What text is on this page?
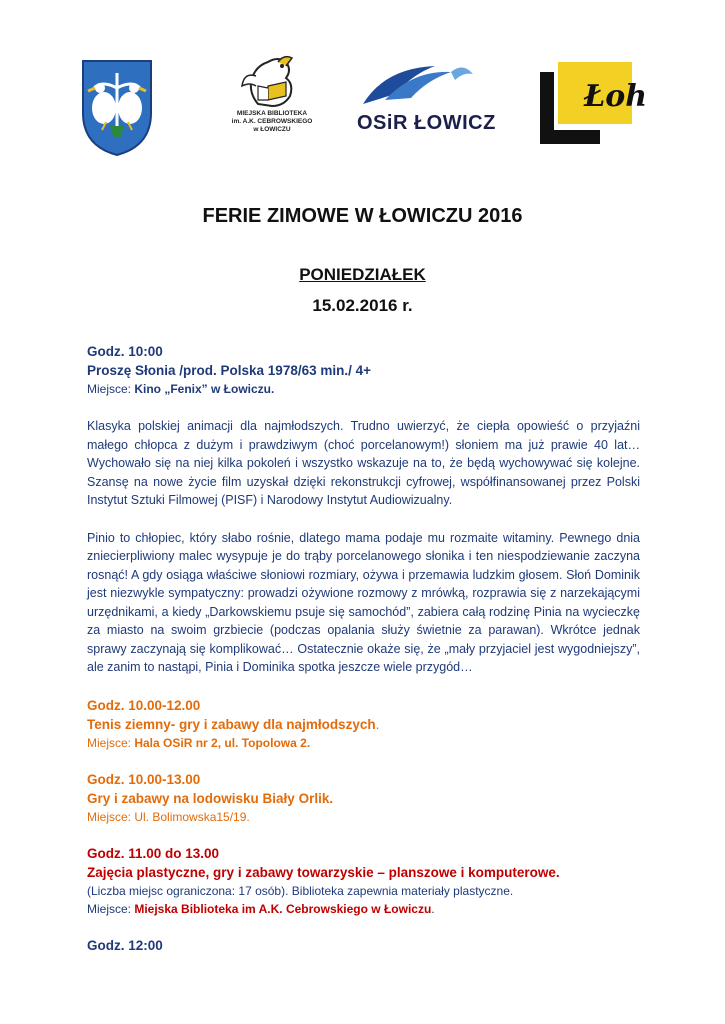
MIEJSKA BIBLIOTEKA
im. A.K. CEBROWSKIEGO
w ŁOWICZU	OSiR ŁOWICZ
Łoh
FERIE ZIMOWE W ŁOWICZU 2016
PONIEDZIAŁEK
15.02.2016 r.
Godz. 10:00
Proszę Słonia /prod. Polska 1978/63 min./ 4+
Miejsce: Kino „Fenix” w Łowiczu.

Klasyka polskiej animacji dla najmłodszych. Trudno uwierzyć, że ciepła opowieść o przyjaźni małego chłopca z dużym i prawdziwym (choć porcelanowym!) słoniem ma już prawie 40 lat… Wychowało się na niej kilka pokoleń i wszystko wskazuje na to, że będą wychowywać się kolejne. Szansę na nowe życie film uzyskał dzięki rekonstrukcji cyfrowej, współfinansowanej przez Polski Instytut Sztuki Filmowej (PISF) i Narodowy Instytut Audiowizualny.

Pinio to chłopiec, który słabo rośnie, dlatego mama podaje mu rozmaite witaminy. Pewnego dnia zniecierpliwiony malec wysypuje je do trąby porcelanowego słonika i ten niespodziewanie zaczyna rosnąć! A gdy osiąga właściwe słoniowi rozmiary, ożywa i przemawia ludzkim głosem. Słoń Dominik jest niezwykle sympatyczny: prowadzi ożywione rozmowy z mrówką, rozprawia się z narzekającymi urzędnikami, a kiedy „Darkowskiemu psuje się samochód”, zabiera całą rodzinę Pinia na wycieczkę za miasto na swoim grzbiecie (podczas opalania służy świetnie za parawan). Wkrótce jednak sprawy zaczynają się komplikować… Ostatecznie okaże się, że „mały przyjaciel jest wygodniejszy”, ale zanim to nastąpi, Pinia i Dominika spotka jeszcze wiele przygód…

Godz. 10.00-12.00
Tenis ziemny- gry i zabawy dla najmłodszych.
Miejsce: Hala OSiR nr 2, ul. Topolowa 2.
Godz. 10.00-13.00
Gry i zabawy na lodowisku Biały Orlik.
Miejsce: Ul. Bolimowska15/19.
Godz. 11.00 do 13.00
Zajęcia plastyczne, gry i zabawy towarzyskie – planszowe i komputerowe.
(Liczba miejsc ograniczona: 17 osób). Biblioteka zapewnia materiały plastyczne.
Miejsce: Miejska Biblioteka im A.K. Cebrowskiego w Łowiczu.
Godz. 12:00
